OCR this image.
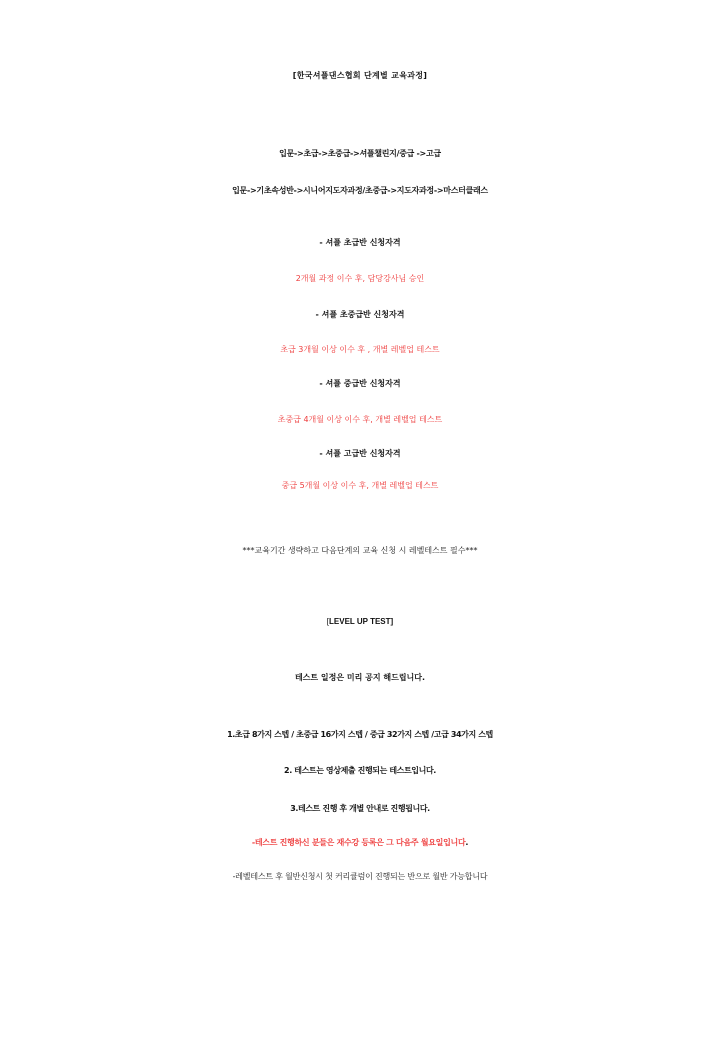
[한국셔플댄스협회 단계별 교육과정]
입문->초급->초중급->셔플챌린지/중급 ->고급
입문->기초속성반->시니어지도자과정/초중급->지도자과정->마스터클래스
- 셔플 초급반 신청자격
2개월 과정 이수 후, 담당강사님 승인
- 셔플 초중급반 신청자격
초급 3개월 이상 이수 후 , 개별 레벨업 테스트
- 셔플 중급반 신청자격
초중급 4개월 이상 이수 후, 개별 레벨업 테스트
- 셔플 고급반 신청자격
중급 5개월 이상 이수 후, 개별 레벨업 테스트
***교육기간 생략하고 다음단계의 교육 신청 시 레벨테스트 필수***
[LEVEL UP TEST]
테스트 일정은 미리 공지 해드립니다.
1.초급 8가지 스텝 / 초중급 16가지 스텝 / 중급 32가지 스텝 /고급 34가지 스텝
2. 테스트는 영상제출 진행되는 테스트입니다.
3.테스트 진행 후 개별 안내로 진행됩니다.
-테스트 진행하신 분들은 재수강 등록은 그 다음주 월요일입니다.
-레벨테스트 후 월반신청시 첫 커리큘럼이 진행되는 반으로 월반 가능합니다
